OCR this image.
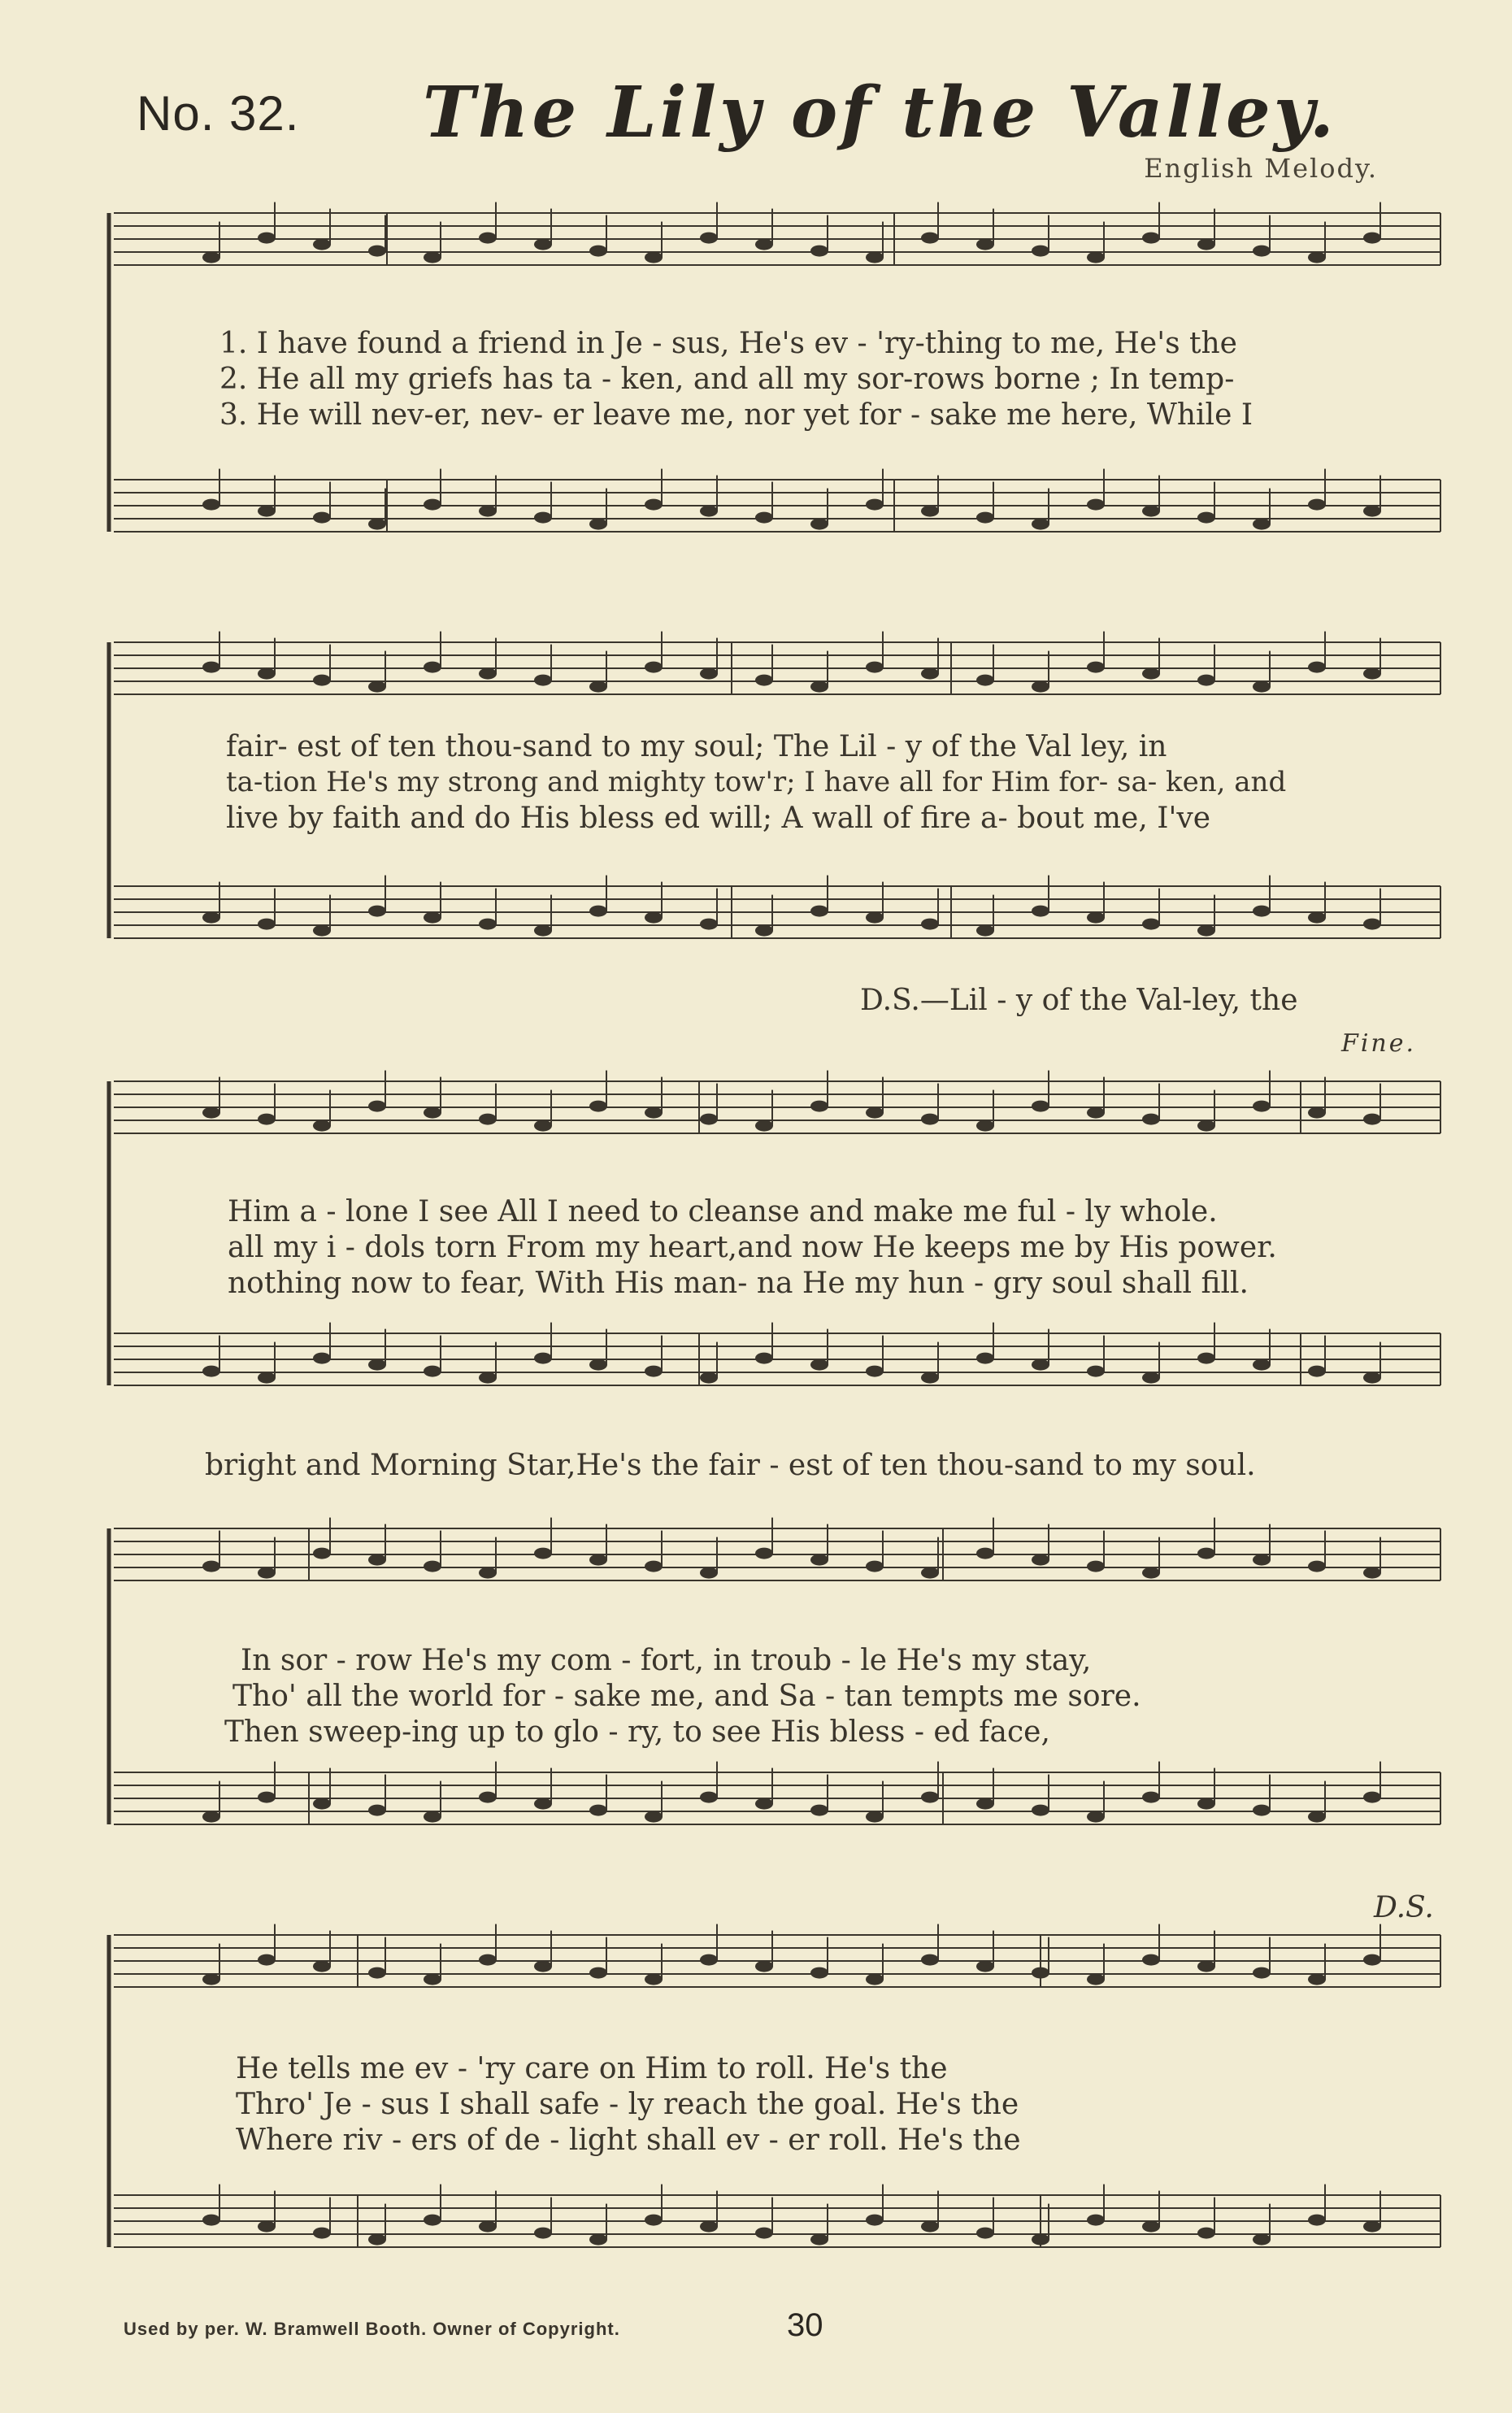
No. 32. The Lily of the Valley.
English Melody.
1. I have found a friend in Je - sus, He's ev - 'ry-thing to me, He's the
2. He all my griefs has ta - ken, and all my sor-rows borne ; In temp-
3. He will nev-er, nev- er leave me, nor yet for - sake me here, While I
fair- est of ten thou-sand to my soul; The Lil - y of the Val ley, in
ta-tion He's my strong and mighty tow'r; I have all for Him for- sa- ken, and
live by faith and do His bless ed will; A wall of fire a- bout me, I've
D.S.—Lil - y of the Val-ley, the
Fine.
Him a - lone I see All I need to cleanse and make me ful - ly whole.
all my i - dols torn From my heart,and now He keeps me by His power.
nothing now to fear, With His man- na He my hun - gry soul shall fill.
bright and Morning Star,He's the fair - est of ten thou-sand to my soul.
In sor - row He's my com - fort, in troub - le He's my stay,
Tho' all the world for - sake me, and Sa - tan tempts me sore.
Then sweep-ing up to glo - ry, to see His bless - ed face,
D.S.
He tells me ev - 'ry care on Him to roll. He's the
Thro' Je - sus I shall safe - ly reach the goal. He's the
Where riv - ers of de - light shall ev - er roll. He's the
Used by per. W. Bramwell Booth. Owner of Copyright.	30
